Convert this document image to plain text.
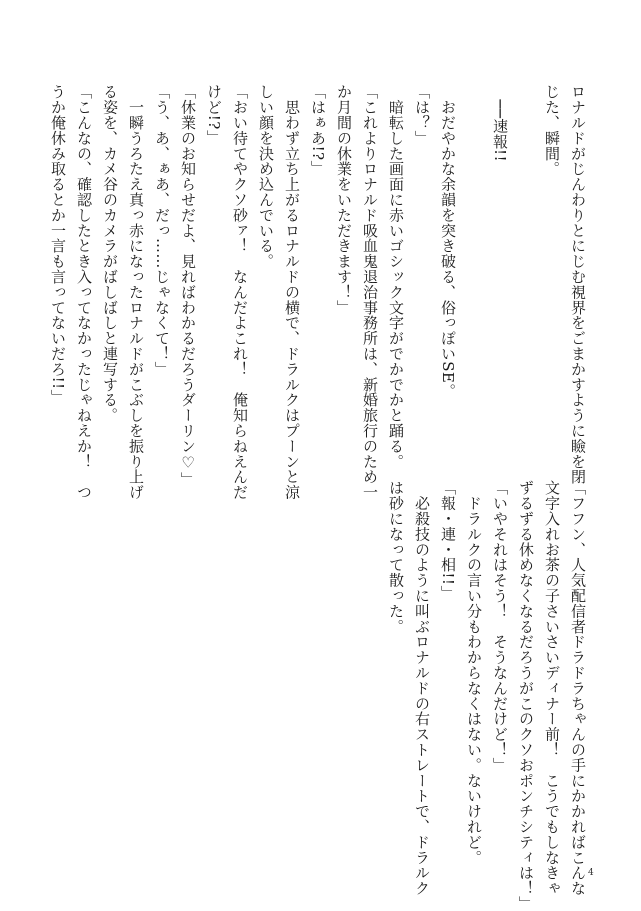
ロナルドがじんわりとにじむ視界をごまかすように瞼を閉

じた、瞬間。

　──速報!!

　おだやかな余韻を突き破る、俗っぽいSE。

「は？」

　暗転した画面に赤いゴシック文字がでかでかと踊る。

「これよりロナルド吸血鬼退治事務所は、新婚旅行のため一

か月間の休業をいただきます！」

「はぁあ!?」

　思わず立ち上がるロナルドの横で、ドラルクはプーンと涼

しい顔を決め込んでいる。

「おい待てやクソ砂ァ！　なんだよこれ！　俺知らねえんだ

けど!?」

「休業のお知らせだよ、見ればわかるだろうダーリン♡」

「う、あ、ぁあ、だっ……じゃなくて！」

　一瞬うろたえ真っ赤になったロナルドがこぶしを振り上げ

る姿を、カメ谷のカメラがばしばしと連写する。

「こんなの、確認したとき入ってなかったじゃねえか！　つ

うか俺休み取るとか一言も言ってないだろ!!」

「フフン、人気配信者ドラドラちゃんの手にかかればこんな

文字入れお茶の子さいさいディナー前！　こうでもしなきゃ

ずるずる休めなくなるだろうがこのクソおポンチシティは！」

「いやそれはそう！　そうなんだけど！」

　ドラルクの言い分もわからなくはない。ないけれど。

「報・連・相!!」

　必殺技のように叫ぶロナルドの右ストレートで、ドラルク

は砂になって散った。

4
